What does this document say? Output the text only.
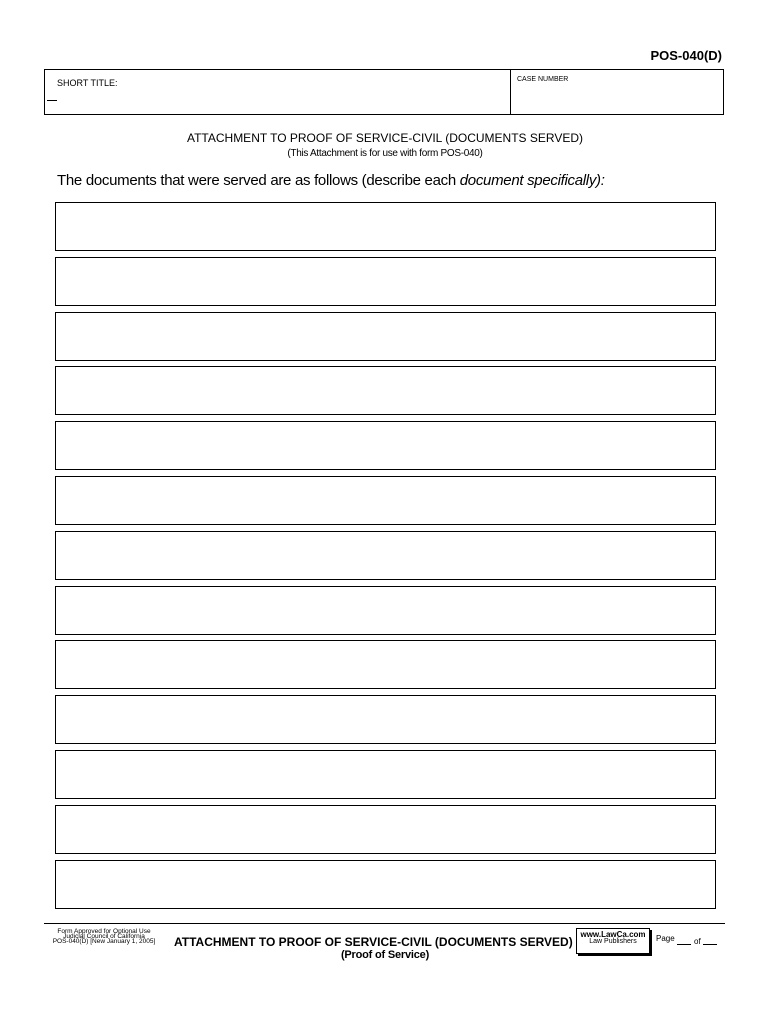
POS-040(D)
SHORT TITLE:	CASE NUMBER
ATTACHMENT TO PROOF OF SERVICE-CIVIL (DOCUMENTS SERVED)
(This Attachment is for use with form POS-040)
The documents that were served are as follows (describe each document specifically):
Form Approved for Optional Use
Judicial Council of California
POS-040(D) [New January 1, 2005]	ATTACHMENT TO PROOF OF SERVICE-CIVIL (DOCUMENTS SERVED)
(Proof of Service)
www.LawCa.com
Law Publishers	Page of
